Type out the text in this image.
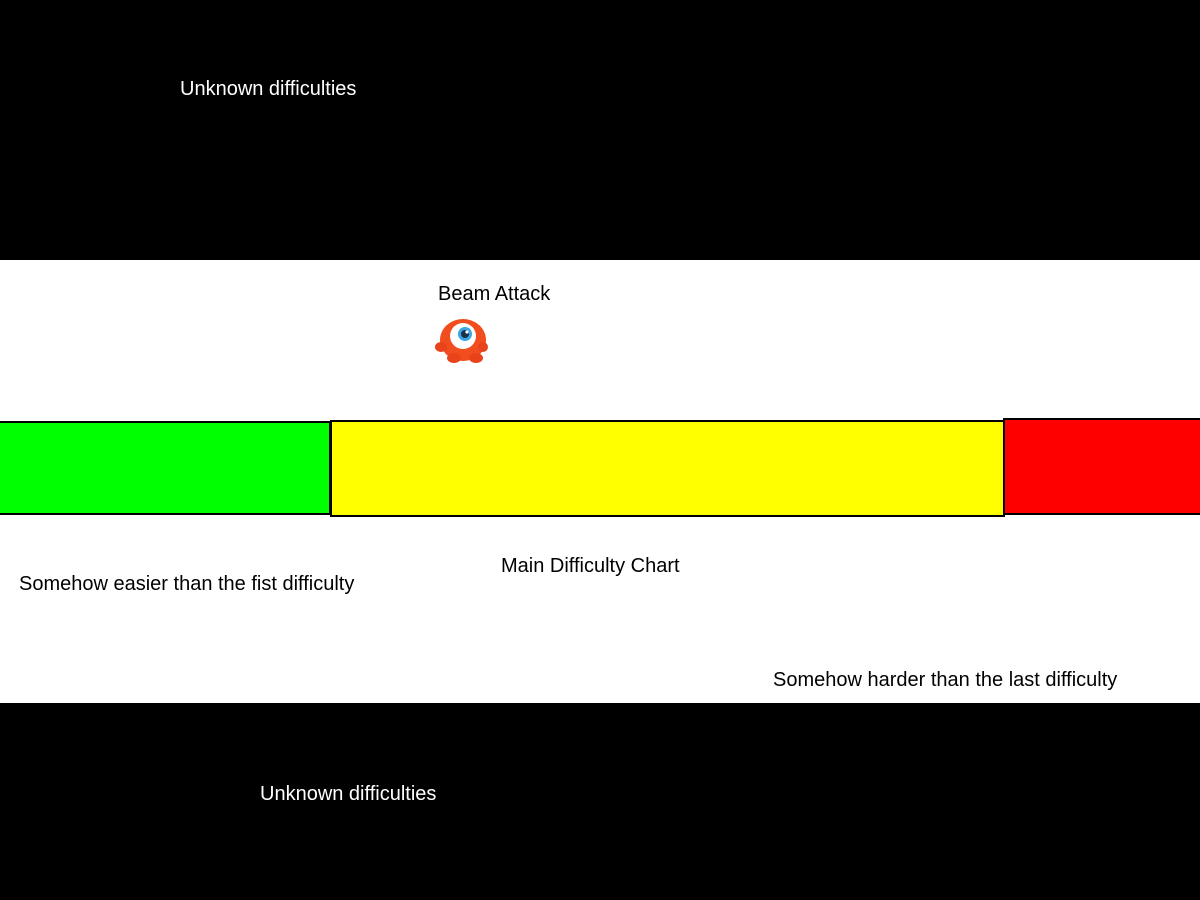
Unknown difficulties
Beam Attack
Main Difficulty Chart
Somehow easier than the fist difficulty
Somehow harder than the last difficulty
Unknown difficulties
